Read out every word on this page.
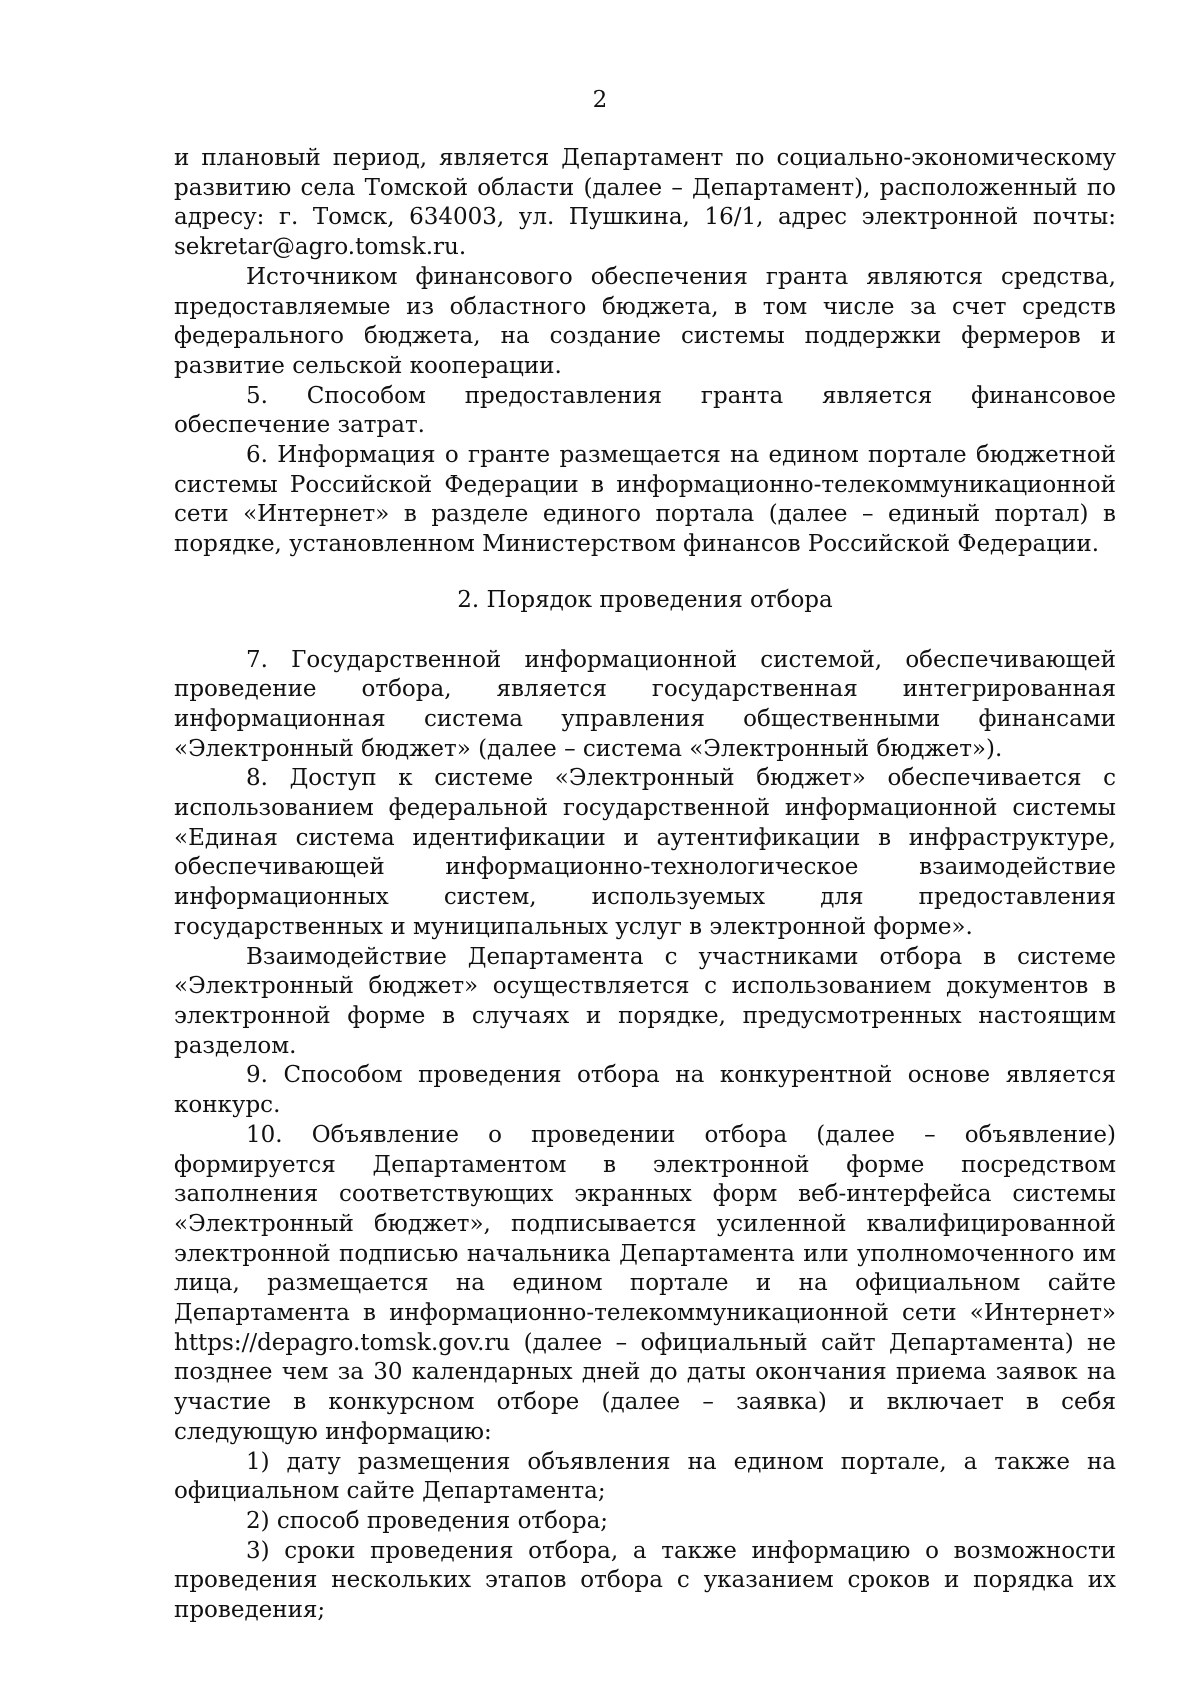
2

и плановый период, является Департамент по социально-экономическому развитию села Томской области (далее – Департамент), расположенный по адресу: г. Томск, 634003, ул. Пушкина, 16/1, адрес электронной почты: sekretar@agro.tomsk.ru.

Источником финансового обеспечения гранта являются средства, предоставляемые из областного бюджета, в том числе за счет средств федерального бюджета, на создание системы поддержки фермеров и развитие сельской кооперации.

5. Способом предоставления гранта является финансовое обеспечение затрат.

6. Информация о гранте размещается на едином портале бюджетной системы Российской Федерации в информационно-телекоммуникационной сети «Интернет» в разделе единого портала (далее – единый портал) в порядке, установленном Министерством финансов Российской Федерации.

2. Порядок проведения отбора

7. Государственной информационной системой, обеспечивающей проведение отбора, является государственная интегрированная информационная система управления общественными финансами «Электронный бюджет» (далее – система «Электронный бюджет»).

8. Доступ к системе «Электронный бюджет» обеспечивается с использованием федеральной государственной информационной системы «Единая система идентификации и аутентификации в инфраструктуре, обеспечивающей информационно-технологическое взаимодействие информационных систем, используемых для предоставления государственных и муниципальных услуг в электронной форме».

Взаимодействие Департамента с участниками отбора в системе «Электронный бюджет» осуществляется с использованием документов в электронной форме в случаях и порядке, предусмотренных настоящим разделом.

9. Способом проведения отбора на конкурентной основе является конкурс.

10. Объявление о проведении отбора (далее – объявление) формируется Департаментом в электронной форме посредством заполнения соответствующих экранных форм веб-интерфейса системы «Электронный бюджет», подписывается усиленной квалифицированной электронной подписью начальника Департамента или уполномоченного им лица, размещается на едином портале и на официальном сайте Департамента в информационно-телекоммуникационной сети «Интернет» https://depagro.tomsk.gov.ru (далее – официальный сайт Департамента) не позднее чем за 30 календарных дней до даты окончания приема заявок на участие в конкурсном отборе (далее – заявка) и включает в себя следующую информацию:

1) дату размещения объявления на едином портале, а также на официальном сайте Департамента;

2) способ проведения отбора;

3) сроки проведения отбора, а также информацию о возможности проведения нескольких этапов отбора с указанием сроков и порядка их проведения;
